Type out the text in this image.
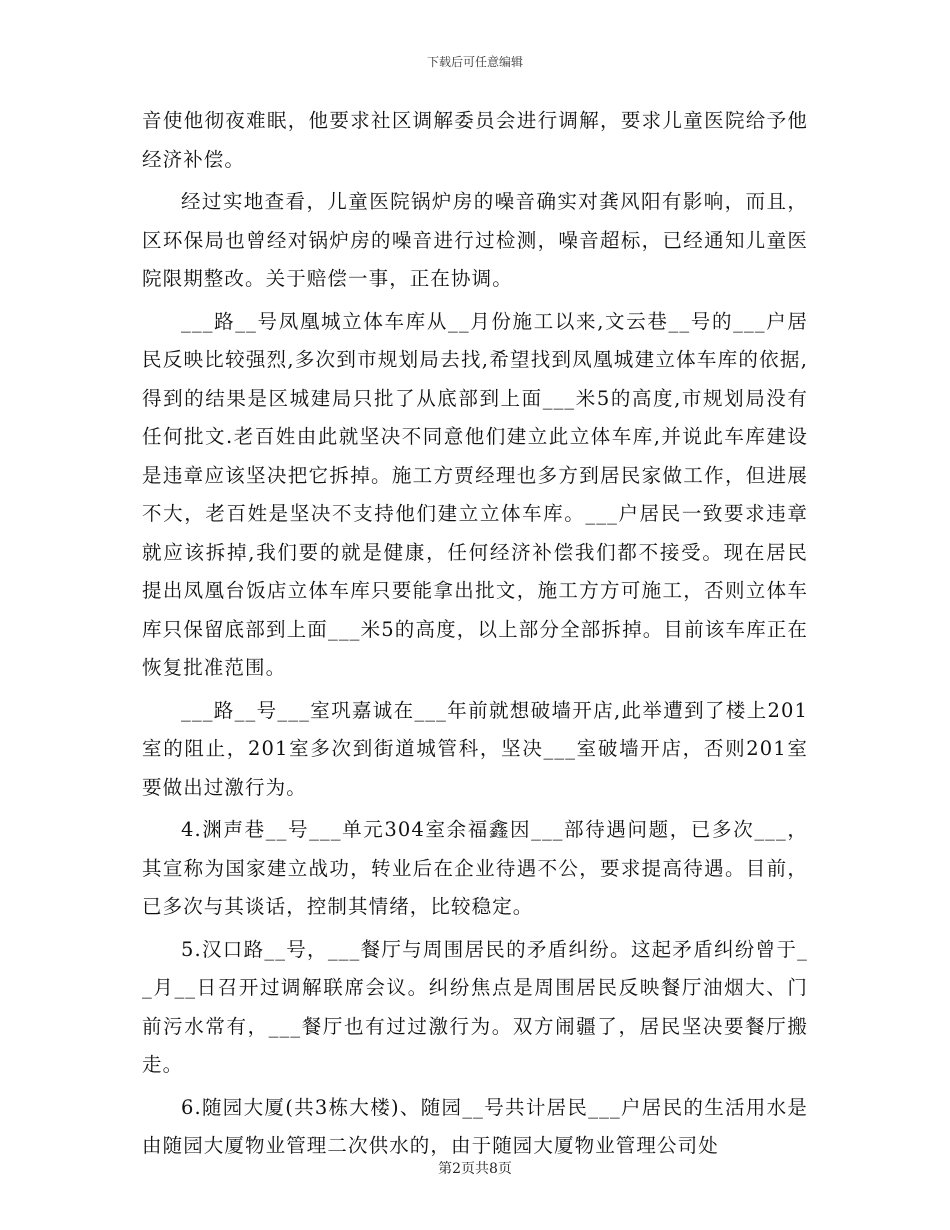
下载后可任意编辑

音使他彻夜难眠，他要求社区调解委员会进行调解，要求儿童医院给予他经济补偿。

经过实地查看，儿童医院锅炉房的噪音确实对龚风阳有影响，而且，区环保局也曾经对锅炉房的噪音进行过检测，噪音超标，已经通知儿童医院限期整改。关于赔偿一事，正在协调。

___路__号凤凰城立体车库从__月份施工以来,文云巷__号的___户居民反映比较强烈,多次到市规划局去找,希望找到凤凰城建立体车库的依据,得到的结果是区城建局只批了从底部到上面___米5的高度,市规划局没有任何批文.老百姓由此就坚决不同意他们建立此立体车库,并说此车库建设是违章应该坚决把它拆掉。施工方贾经理也多方到居民家做工作，但进展不大，老百姓是坚决不支持他们建立立体车库。___户居民一致要求违章就应该拆掉,我们要的就是健康，任何经济补偿我们都不接受。现在居民提出凤凰台饭店立体车库只要能拿出批文，施工方方可施工，否则立体车库只保留底部到上面___米5的高度，以上部分全部拆掉。目前该车库正在恢复批准范围。

___路__号___室巩嘉诚在___年前就想破墙开店,此举遭到了楼上201室的阻止，201室多次到街道城管科，坚决___室破墙开店，否则201室要做出过激行为。

4.渊声巷__号___单元304室余福鑫因___部待遇问题，已多次___，其宣称为国家建立战功，转业后在企业待遇不公，要求提高待遇。目前，已多次与其谈话，控制其情绪，比较稳定。

5.汉口路__号，___餐厅与周围居民的矛盾纠纷。这起矛盾纠纷曾于__月__日召开过调解联席会议。纠纷焦点是周围居民反映餐厅油烟大、门前污水常有，___餐厅也有过过激行为。双方闹疆了，居民坚决要餐厅搬走。

6.随园大厦(共3栋大楼)、随园__号共计居民___户居民的生活用水是由随园大厦物业管理二次供水的，由于随园大厦物业管理公司处

第2页共8页
